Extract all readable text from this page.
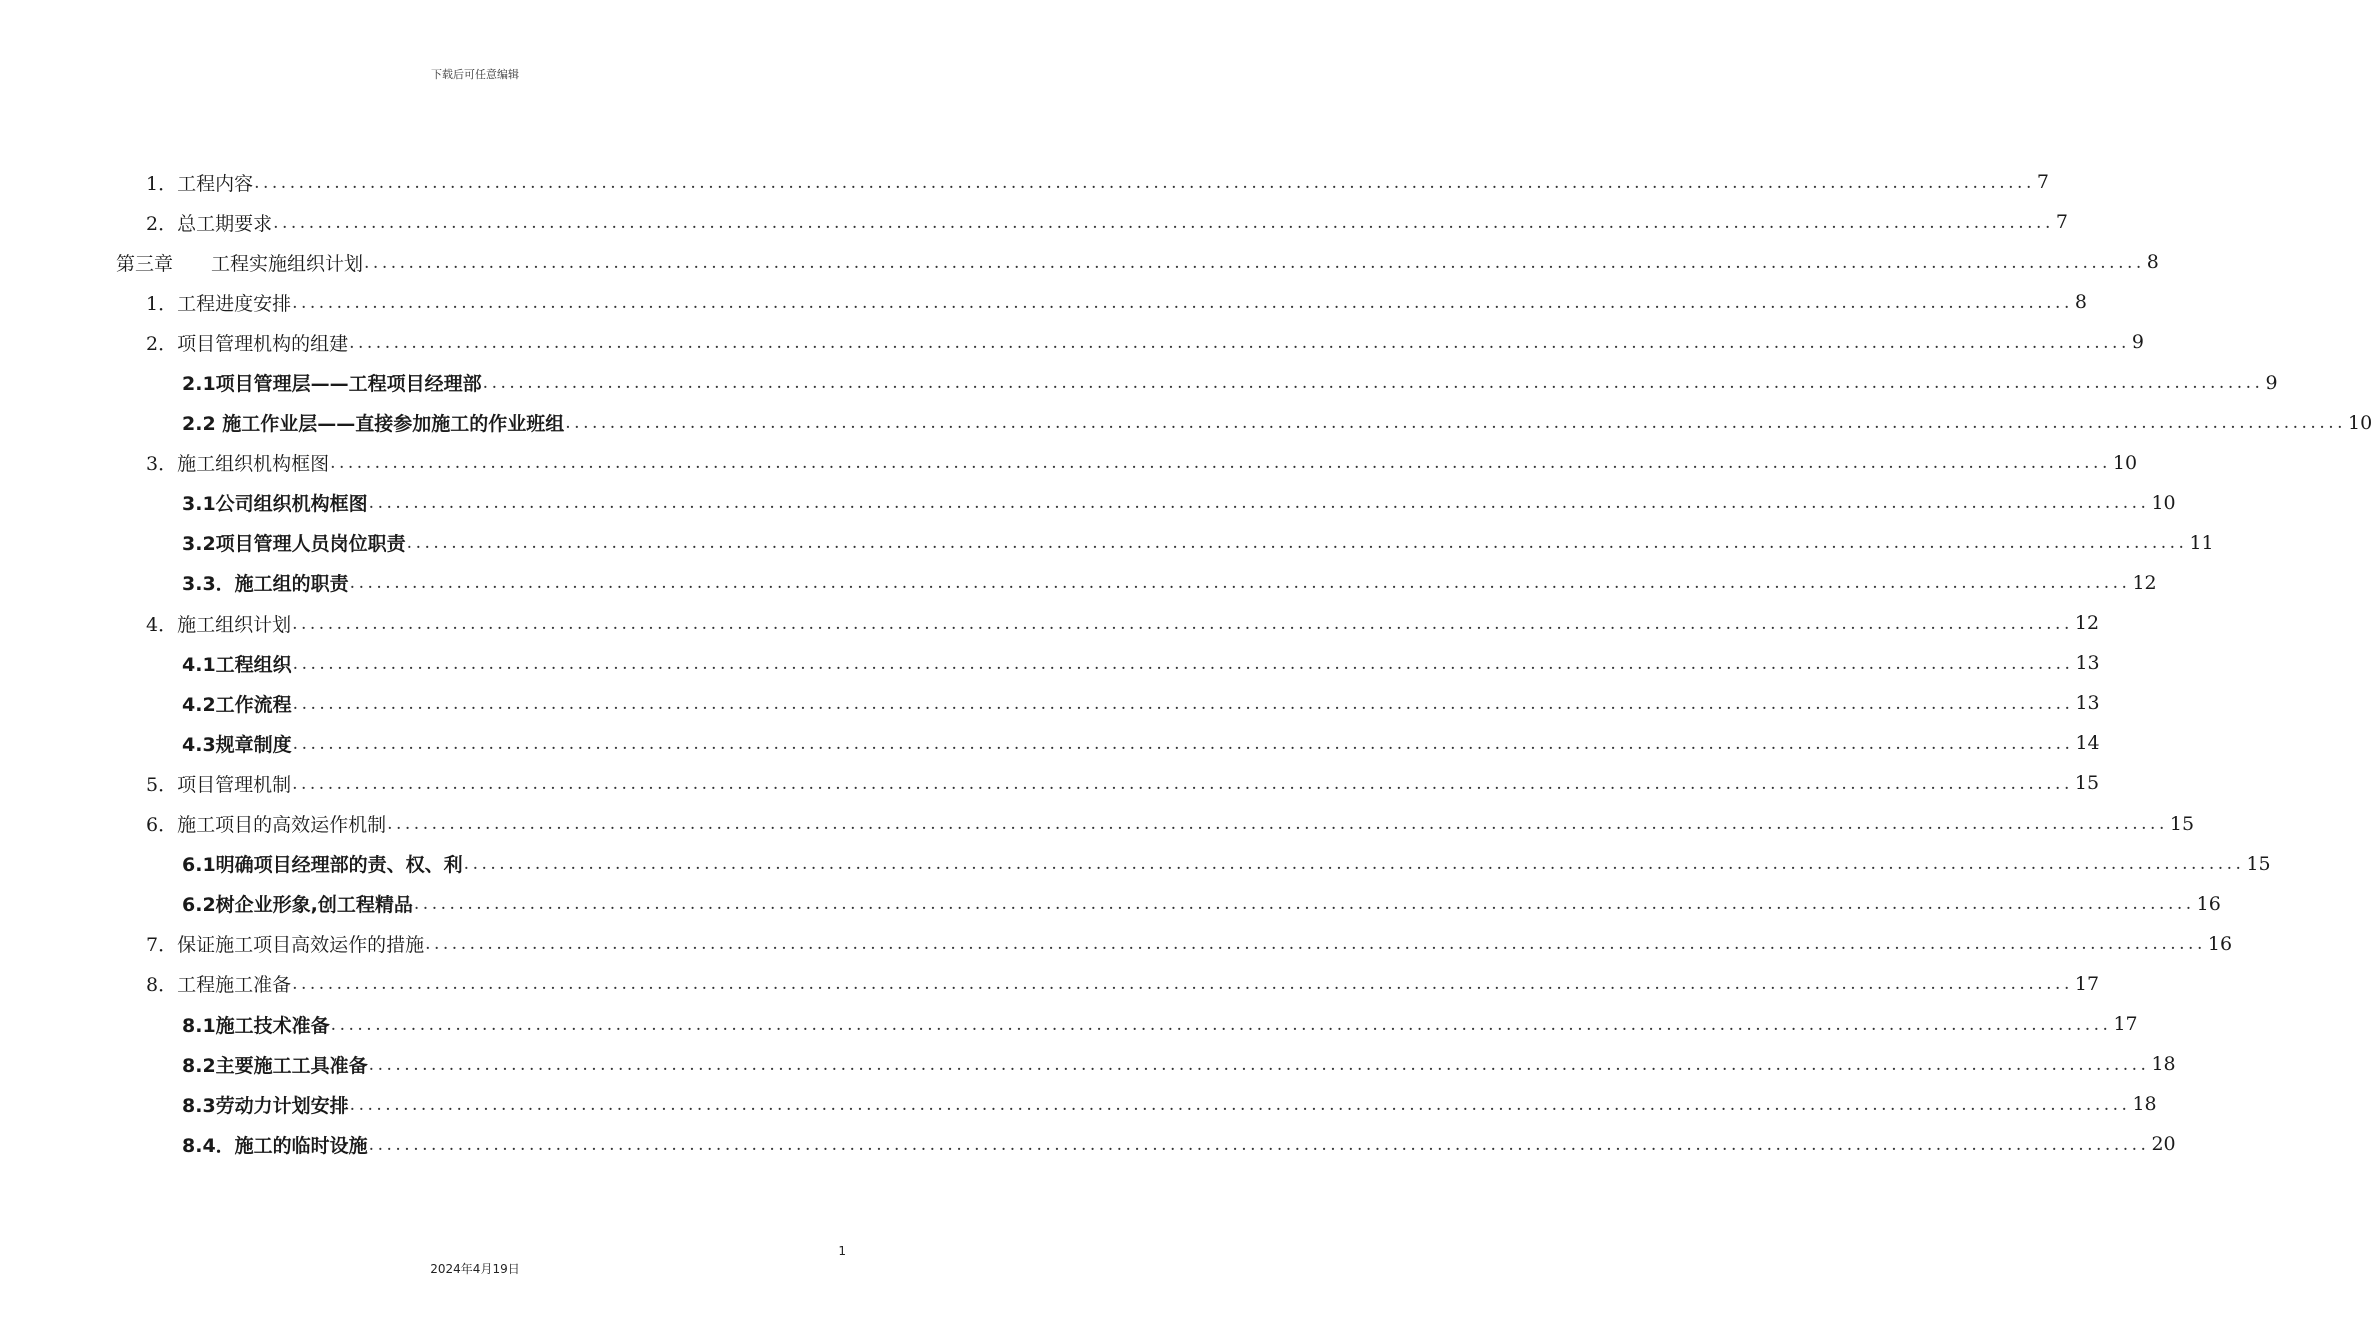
下载后可任意编辑
1．工程内容 ........................................................................................................................................................................................................ 7
2．总工期要求 ........................................................................................................................................................................................................ 7
第三章　　工程实施组织计划 ........................................................................................................................................................................................................ 8
1．工程进度安排 ........................................................................................................................................................................................................ 8
2．项目管理机构的组建 ........................................................................................................................................................................................................ 9
2.1项目管理层——工程项目经理部 ........................................................................................................................................................................................................ 9
2.2 施工作业层——直接参加施工的作业班组 ........................................................................................................................................................................................................ 10
3．施工组织机构框图 ........................................................................................................................................................................................................ 10
3.1公司组织机构框图 ........................................................................................................................................................................................................ 10
3.2项目管理人员岗位职责 ........................................................................................................................................................................................................ 11
3.3．施工组的职责 ........................................................................................................................................................................................................ 12
4．施工组织计划 ........................................................................................................................................................................................................ 12
4.1工程组织 ........................................................................................................................................................................................................ 13
4.2工作流程 ........................................................................................................................................................................................................ 13
4.3规章制度 ........................................................................................................................................................................................................ 14
5．项目管理机制 ........................................................................................................................................................................................................ 15
6．施工项目的高效运作机制 ........................................................................................................................................................................................................ 15
6.1明确项目经理部的责、权、利 ........................................................................................................................................................................................................ 15
6.2树企业形象,创工程精品 ........................................................................................................................................................................................................ 16
7．保证施工项目高效运作的措施 ........................................................................................................................................................................................................ 16
8．工程施工准备 ........................................................................................................................................................................................................ 17
8.1施工技术准备 ........................................................................................................................................................................................................ 17
8.2主要施工工具准备 ........................................................................................................................................................................................................ 18
8.3劳动力计划安排 ........................................................................................................................................................................................................ 18
8.4．施工的临时设施 ........................................................................................................................................................................................................ 20
1
2024年4月19日
